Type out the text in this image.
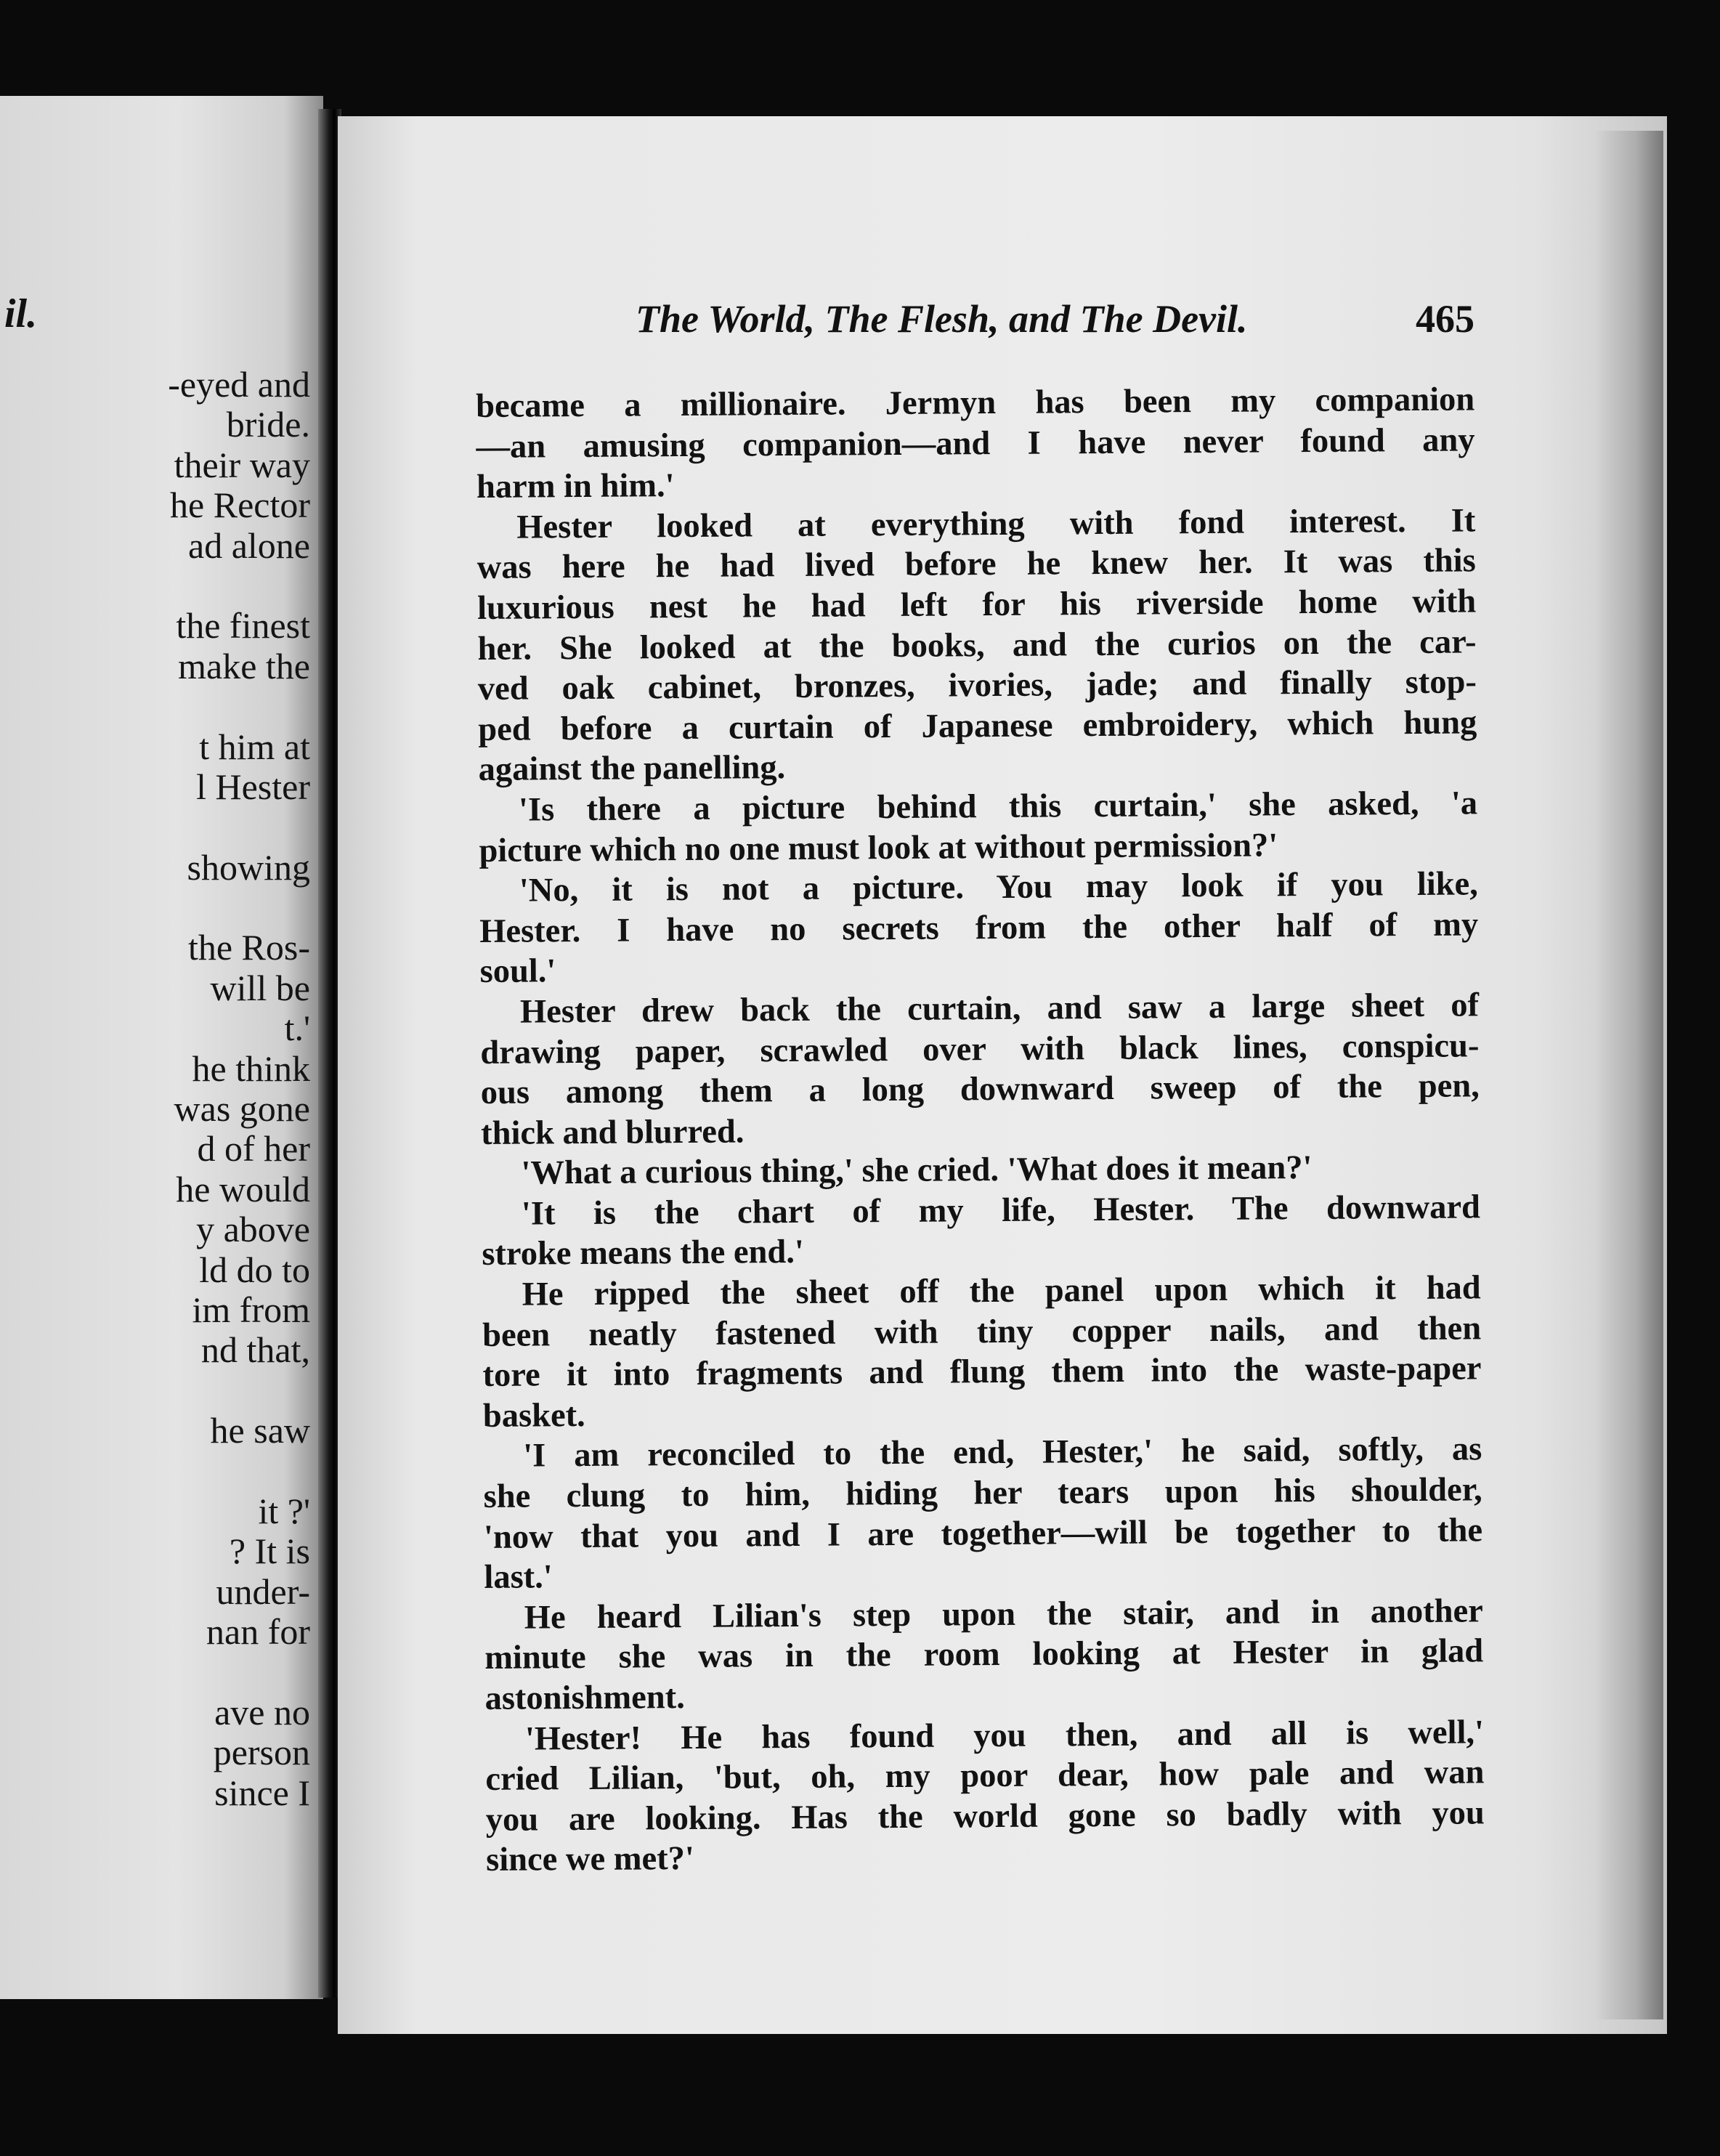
il.
-eyed and
bride.
their way
he Rector
ad alone
the finest
make the
t him at
l Hester
showing
the Ros-
will be
t.'
he think
was gone
d of her
he would
y above
ld do to
im from
nd that,
he saw
it ?'
? It is
under-
nan for
ave no
person
since I
The World, The Flesh, and The Devil.	465
became a millionaire. Jermyn has been my companion
—an amusing companion—and I have never found any
harm in him.'
Hester looked at everything with fond interest. It
was here he had lived before he knew her. It was this
luxurious nest he had left for his riverside home with
her. She looked at the books, and the curios on the car-
ved oak cabinet, bronzes, ivories, jade; and finally stop-
ped before a curtain of Japanese embroidery, which hung
against the panelling.
'Is there a picture behind this curtain,' she asked, 'a
picture which no one must look at without permission?'
'No, it is not a picture. You may look if you like,
Hester. I have no secrets from the other half of my
soul.'
Hester drew back the curtain, and saw a large sheet of
drawing paper, scrawled over with black lines, conspicu-
ous among them a long downward sweep of the pen,
thick and blurred.
'What a curious thing,' she cried. 'What does it mean?'
'It is the chart of my life, Hester. The downward
stroke means the end.'
He ripped the sheet off the panel upon which it had
been neatly fastened with tiny copper nails, and then
tore it into fragments and flung them into the waste-paper
basket.
'I am reconciled to the end, Hester,' he said, softly, as
she clung to him, hiding her tears upon his shoulder,
'now that you and I are together—will be together to the
last.'
He heard Lilian's step upon the stair, and in another
minute she was in the room looking at Hester in glad
astonishment.
'Hester! He has found you then, and all is well,'
cried Lilian, 'but, oh, my poor dear, how pale and wan
you are looking. Has the world gone so badly with you
since we met?'
